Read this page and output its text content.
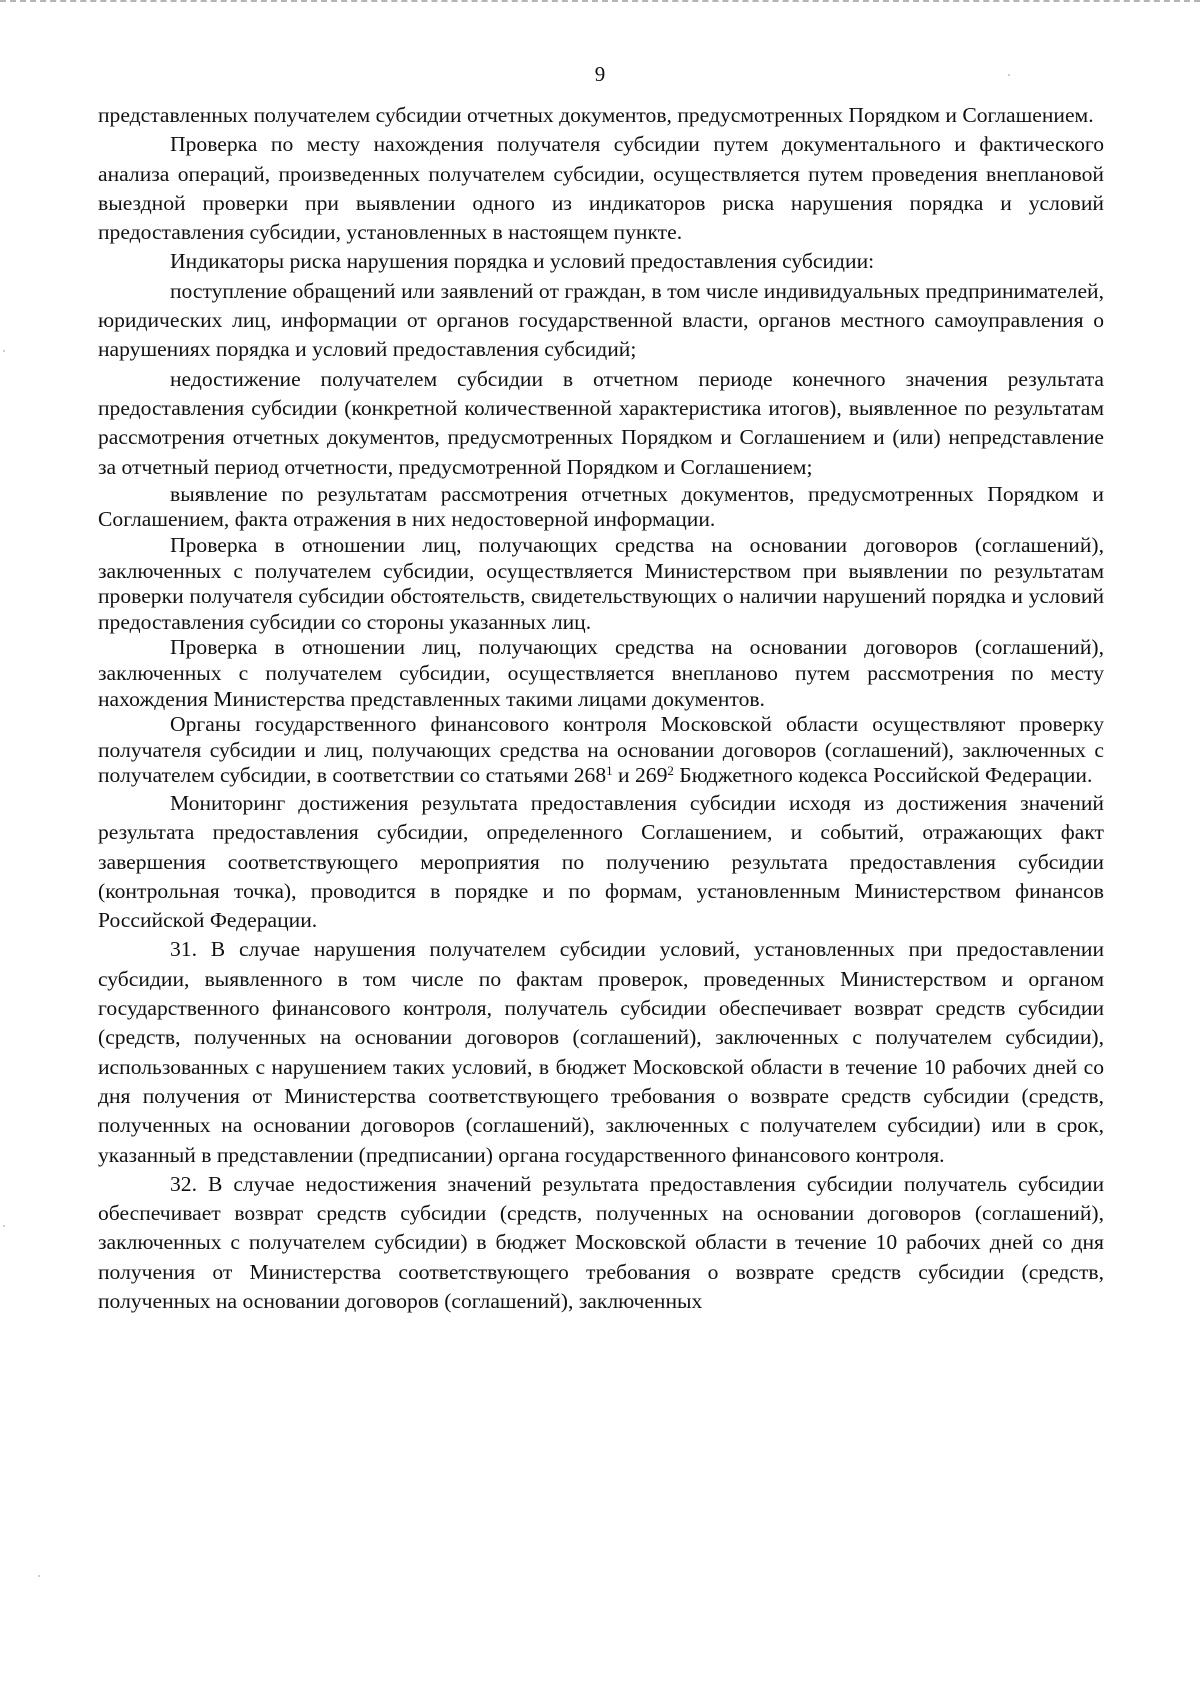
9

представленных получателем субсидии отчетных документов, предусмотренных Порядком и Соглашением.

Проверка по месту нахождения получателя субсидии путем документального и фактического анализа операций, произведенных получателем субсидии, осуществляется путем проведения внеплановой выездной проверки при выявлении одного из индикаторов риска нарушения порядка и условий предоставления субсидии, установленных в настоящем пункте.

Индикаторы риска нарушения порядка и условий предоставления субсидии:

поступление обращений или заявлений от граждан, в том числе индивидуальных предпринимателей, юридических лиц, информации от органов государственной власти, органов местного самоуправления о нарушениях порядка и условий предоставления субсидий;

недостижение получателем субсидии в отчетном периоде конечного значения результата предоставления субсидии (конкретной количественной характеристика итогов), выявленное по результатам рассмотрения отчетных документов, предусмотренных Порядком и Соглашением и (или) непредставление за отчетный период отчетности, предусмотренной Порядком и Соглашением;

выявление по результатам рассмотрения отчетных документов, предусмотренных Порядком и Соглашением, факта отражения в них недостоверной информации.

Проверка в отношении лиц, получающих средства на основании договоров (соглашений), заключенных с получателем субсидии, осуществляется Министерством при выявлении по результатам проверки получателя субсидии обстоятельств, свидетельствующих о наличии нарушений порядка и условий предоставления субсидии со стороны указанных лиц.

Проверка в отношении лиц, получающих средства на основании договоров (соглашений), заключенных с получателем субсидии, осуществляется внепланово путем рассмотрения по месту нахождения Министерства представленных такими лицами документов.

Органы государственного финансового контроля Московской области осуществляют проверку получателя субсидии и лиц, получающих средства на основании договоров (соглашений), заключенных с получателем субсидии, в соответствии со статьями $268^1$ и $269^2$ Бюджетного кодекса Российской Федерации.

Мониторинг достижения результата предоставления субсидии исходя из достижения значений результата предоставления субсидии, определенного Соглашением, и событий, отражающих факт завершения соответствующего мероприятия по получению результата предоставления субсидии (контрольная точка), проводится в порядке и по формам, установленным Министерством финансов Российской Федерации.

31. В случае нарушения получателем субсидии условий, установленных при предоставлении субсидии, выявленного в том числе по фактам проверок, проведенных Министерством и органом государственного финансового контроля, получатель субсидии обеспечивает возврат средств субсидии (средств, полученных на основании договоров (соглашений), заключенных с получателем субсидии), использованных с нарушением таких условий, в бюджет Московской области в течение 10 рабочих дней со дня получения от Министерства соответствующего требования о возврате средств субсидии (средств, полученных на основании договоров (соглашений), заключенных с получателем субсидии) или в срок, указанный в представлении (предписании) органа государственного финансового контроля.

32. В случае недостижения значений результата предоставления субсидии получатель субсидии обеспечивает возврат средств субсидии (средств, полученных на основании договоров (соглашений), заключенных с получателем субсидии) в бюджет Московской области в течение 10 рабочих дней со дня получения от Министерства соответствующего требования о возврате средств субсидии (средств, полученных на основании договоров (соглашений), заключенных
